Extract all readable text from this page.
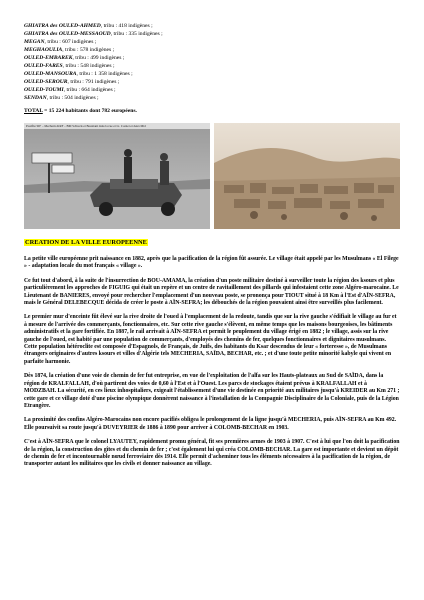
GHIATRA des OULED-AHMED, tribu : 418 indigènes ;
GHIATRA des OULED-MESSAOUD, tribu : 335 indigènes ;
MEGAN, tribu : 607 indigènes ;
MEGHAOULIA, tribu : 578 indigènes ;
OULED-EMBAREK, tribu : 499 indigènes ;
OULED-FARES, tribu : 548 indigènes ;
OULED-MANSOURA, tribu : 1 358 indigènes ;
OULED-SEROUR, tribu : 791 indigènes ;
OULED-TOUMI, tribu : 664 indigènes ;
SENDAN, tribu : 504 indigènes ;
TOTAL = 15 224 habitants dont 782 européens.
Postfile SIF – Mecheria KRF – BM Schreck et Bouziani dans la rue et Lt. Cornet et deux Mtd
CREATION DE LA VILLE EUROPEENNE
La petite ville européenne prit naissance en 1882, après que la pacification de la région fût assurée. Le village était appelé par les Musulmans « El Filege » - adaptation locale du mot français « village ».
Ce fut tout d'abord, à la suite de l'insurrection de BOU-AMAMA, la création d'un poste militaire destiné à surveiller toute la région des ksours et plus particulièrement les approches de FIGUIG qui était un repère et un centre de ravitaillement des pillards qui infestaient cette zone Algéro-marocaine. Le Lieutenant de BANIERES, envoyé pour rechercher l'emplacement d'un nouveau poste, se prononça pour TIOUT situé à 18 Km à l'Est d'AÏN-SEFRA, mais le Général DELEBECQUE décida de créer le poste à AÏN-SEFRA; les débouchés de la région pouvaient ainsi être surveillés plus facilement.
Le premier mur d'enceinte fût élevé sur la rive droite de l'oued à l'emplacement de la redoute, tandis que sur la rive gauche s'édifiait le village au fur et à mesure de l'arrivée des commerçants, fonctionnaires, etc. Sur cette rive gauche s'élèvent, en même temps que les maisons bourgeoises, les bâtiments administratifs et la gare fortifiée. En 1887, le rail arrivait à AÏN-SEFRA et permit le peuplement du village érigé en 1882 ; le village, assis sur la rive gauche de l'oued, est habité par une population de commerçants, d'employés des chemins de fer, quelques fonctionnaires et dignitaires musulmans. Cette population hétéroclite est composée d'Espagnols, de Français, de Juifs, des habitants du Ksar descendus de leur « forteresse », de Musulmans étrangers originaires d'autres ksours et villes d'Algérie tels MECHERIA, SAÏDA, BECHAR, etc. ; et d'une toute petite minorité kabyle qui vivent en parfaite harmonie.
Dès 1874, la création d'une voie de chemin de fer fut entreprise, en vue de l'exploitation de l'alfa sur les Hauts-plateaux au Sud de SAÏDA, dans la région de KRALFALLAH, d'où partirent des voies de 0,60 à l'Est et à l'Ouest. Les parcs de stockages étaient prévus à KRALFALLAH et à MODZBAH. La sécurité, en ces lieux inhospitaliers, exigeait l'établissement d'une vie destinée en priorité aux militaires jusqu'à KREIDER au Km 271 ; cette gare et ce village doté d'une piscine olympique donnèrent naissance à l'installation de la Compagnie Disciplinaire de la Coloniale, puis de la Légion Etrangère.
La proximité des confins Algéro-Marocains non encore pacifiés obligea le prolongement de la ligne jusqu'à MECHERIA, puis AÏN-SEFRA au Km 492. Elle poursuivit sa route jusqu'à DUVEYRIER de 1886 à 1890 pour arriver à COLOMB-BECHAR en 1903.
C'est à AÏN-SEFRA que le colonel LYAUTEY, rapidement promu général, fit ses premières armes de 1903 à 1907. C'est à lui que l'on doit la pacification de la région, la construction des gîtes et du chemin de fer ; c'est également lui qui créa COLOMB-BECHAR. La gare est importante et devient un dépôt de chemin de fer et incontournable nœud ferroviaire dès 1914. Elle permit d'acheminer tous les éléments nécessaires à la pacification de la région, de transporter autant les militaires que les civils et donner naissance au village.
